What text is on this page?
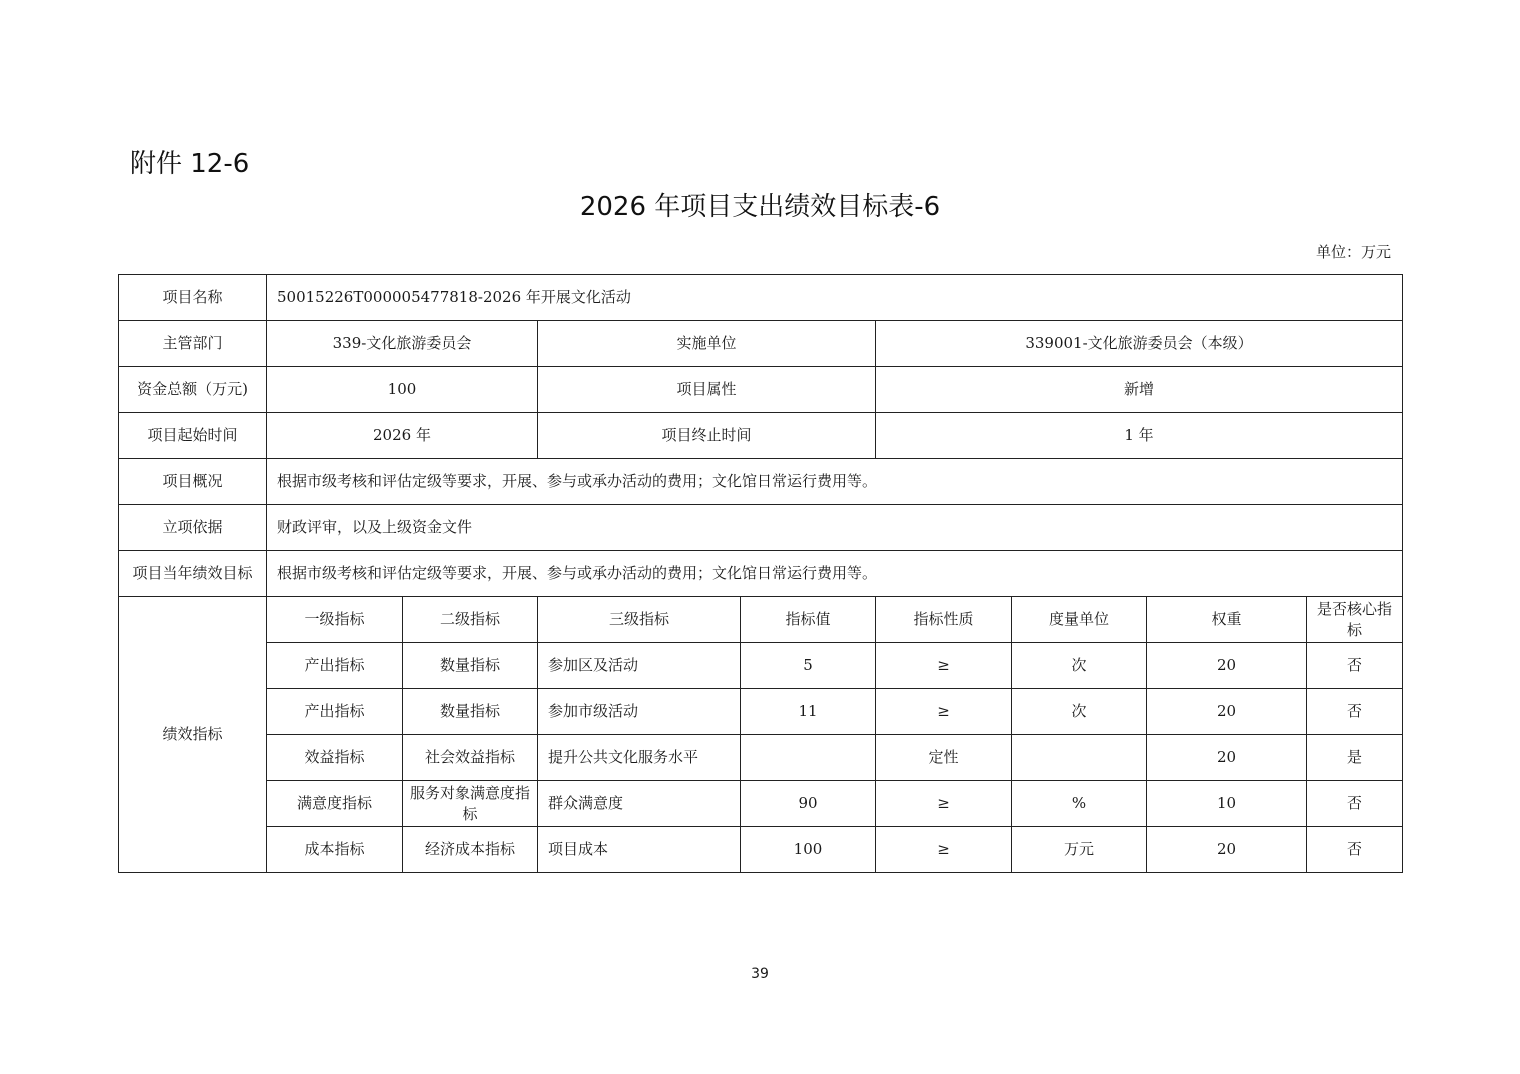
附件 12-6
2026 年项目支出绩效目标表-6
单位：万元
项目名称	50015226T000005477818-2026 年开展文化活动							
主管部门	339-文化旅游委员会		实施单位		339001-文化旅游委员会（本级）			
资金总额（万元)	100		项目属性		新增			
项目起始时间	2026 年		项目终止时间		1 年			
项目概况	根据市级考核和评估定级等要求，开展、参与或承办活动的费用；文化馆日常运行费用等。							
立项依据	财政评审，以及上级资金文件							
项目当年绩效目标	根据市级考核和评估定级等要求，开展、参与或承办活动的费用；文化馆日常运行费用等。							
绩效指标	一级指标	二级指标	三级指标	指标值	指标性质	度量单位	权重	是否核心指标
	产出指标	数量指标	参加区及活动	5	≥	次	20	否
	产出指标	数量指标	参加市级活动	11	≥	次	20	否
	效益指标	社会效益指标	提升公共文化服务水平		定性		20	是
	满意度指标	服务对象满意度指标	群众满意度	90	≥	%	10	否
	成本指标	经济成本指标	项目成本	100	≥	万元	20	否
39
